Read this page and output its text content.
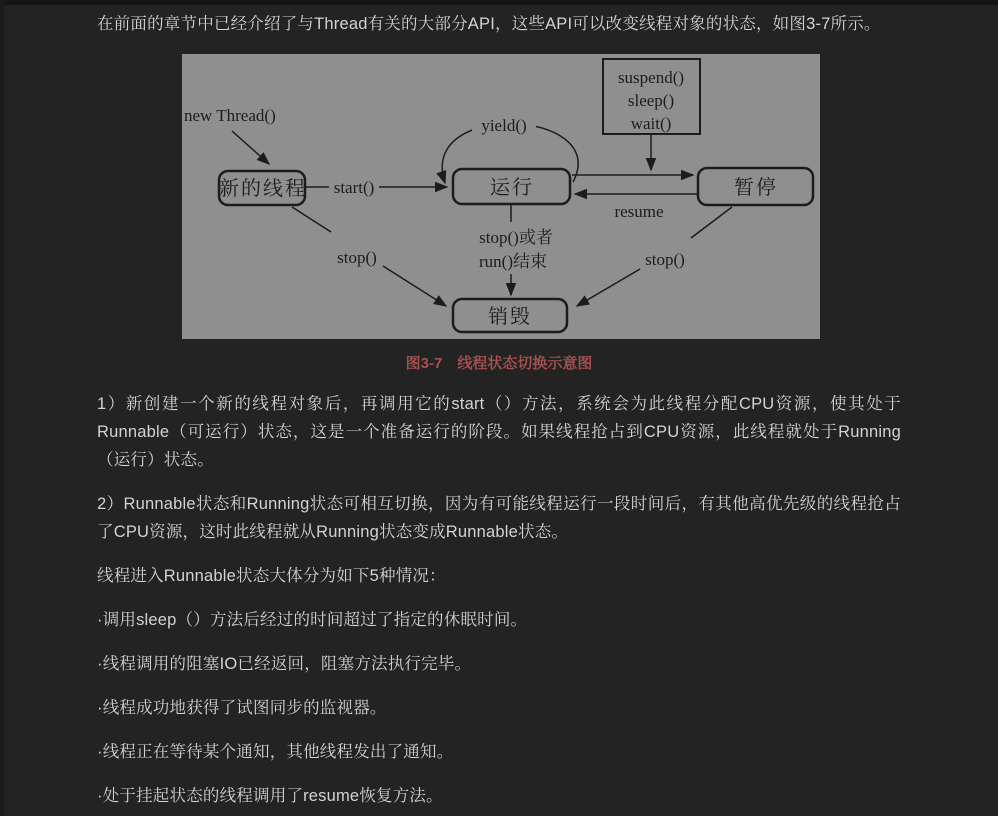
在前面的章节中已经介绍了与Thread有关的大部分API，这些API可以改变线程对象的状态，如图3-7所示。

suspend()
sleep()
wait()
new Thread()
新的线程	运行	暂停
销毁
start()
yield()
resume
stop()或者
run()结束
stop()	stop()
图3-7　线程状态切换示意图

1）新创建一个新的线程对象后，再调用它的start（）方法，系统会为此线程分配CPU资源，使其处于Runnable（可运行）状态，这是一个准备运行的阶段。如果线程抢占到CPU资源，此线程就处于Running（运行）状态。

2）Runnable状态和Running状态可相互切换，因为有可能线程运行一段时间后，有其他高优先级的线程抢占了CPU资源，这时此线程就从Running状态变成Runnable状态。

线程进入Runnable状态大体分为如下5种情况：

·调用sleep（）方法后经过的时间超过了指定的休眠时间。

·线程调用的阻塞IO已经返回，阻塞方法执行完毕。

·线程成功地获得了试图同步的监视器。

·线程正在等待某个通知，其他线程发出了通知。

·处于挂起状态的线程调用了resume恢复方法。
